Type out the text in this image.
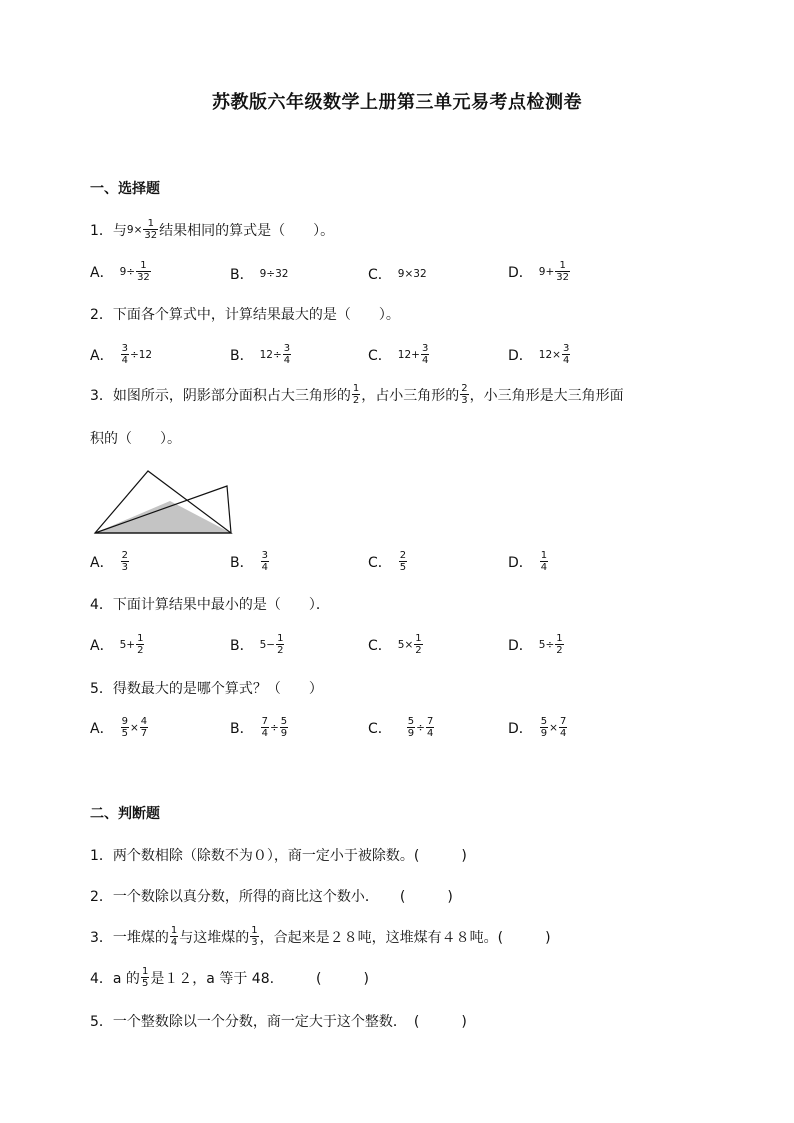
苏教版六年级数学上册第三单元易考点检测卷
一、选择题
1．与 $9\times \frac{1}{32}$ 结果相同的算式是（　　）。
A． $9\div \frac{1}{32}$	B． 9÷32	C． 9×32	D． $9+ \frac{1}{32}$
2．下面各个算式中，计算结果最大的是（　　）。
A． $\frac{3}{4} \div 12$	B． $12\div \frac{3}{4}$	C． $12+ \frac{3}{4}$	D． $12\times \frac{3}{4}$
3．如图所示，阴影部分面积占大三角形的 $\frac{1}{2}$ ，占小三角形的 $\frac{2}{3}$ ，小三角形是大三角形面
积的（　　）。
A． $\frac{2}{3}$	B． $\frac{3}{4}$	C． $\frac{2}{5}$	D． $\frac{1}{4}$
4．下面计算结果中最小的是（　　）．
A． $5+ \frac{1}{2}$	B． $5- \frac{1}{2}$	C． $5\times \frac{1}{2}$	D． $5\div \frac{1}{2}$
5．得数最大的是哪个算式？（　　）
A． $\frac{9}{5} \times \frac{4}{7}$	B． $\frac{7}{4} \div \frac{5}{9}$	C． $\frac{5}{9} \div \frac{7}{4}$	D． $\frac{5}{9} \times \frac{7}{4}$
二、判断题
1．两个数相除（除数不为０），商一定小于被除数。(　　　)
2．一个数除以真分数，所得的商比这个数小．　　(　　　)
3．一堆煤的 $\frac{1}{4}$ 与这堆煤的 $\frac{1}{3}$ ，合起来是２８吨，这堆煤有４８吨。(　　　)
4．a 的 $\frac{1}{5}$ 是１２，a 等于 48.　　　(　　　)
5．一个整数除以一个分数，商一定大于这个整数．　(　　　)
